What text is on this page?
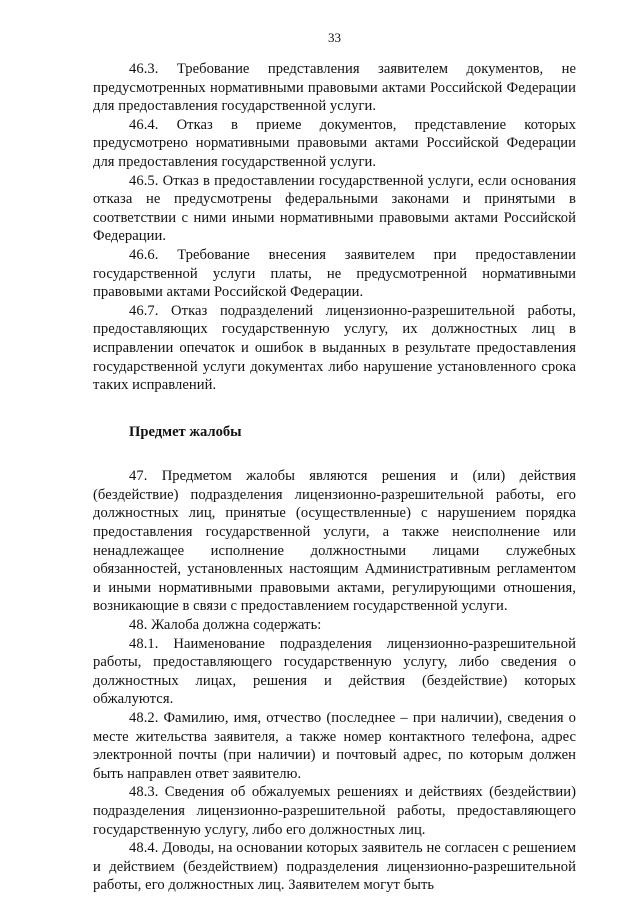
33

46.3. Требование представления заявителем документов, не предусмотренных нормативными правовыми актами Российской Федерации для предоставления государственной услуги.

46.4. Отказ в приеме документов, представление которых предусмотрено нормативными правовыми актами Российской Федерации для предоставления государственной услуги.

46.5. Отказ в предоставлении государственной услуги, если основания отказа не предусмотрены федеральными законами и принятыми в соответствии с ними иными нормативными правовыми актами Российской Федерации.

46.6. Требование внесения заявителем при предоставлении государственной услуги платы, не предусмотренной нормативными правовыми актами Российской Федерации.

46.7. Отказ подразделений лицензионно-разрешительной работы, предоставляющих государственную услугу, их должностных лиц в исправлении опечаток и ошибок в выданных в результате предоставления государственной услуги документах либо нарушение установленного срока таких исправлений.

Предмет жалобы

47. Предметом жалобы являются решения и (или) действия (бездействие) подразделения лицензионно-разрешительной работы, его должностных лиц, принятые (осуществленные) с нарушением порядка предоставления государственной услуги, а также неисполнение или ненадлежащее исполнение должностными лицами служебных обязанностей, установленных настоящим Административным регламентом и иными нормативными правовыми актами, регулирующими отношения, возникающие в связи с предоставлением государственной услуги.

48. Жалоба должна содержать:

48.1. Наименование подразделения лицензионно-разрешительной работы, предоставляющего государственную услугу, либо сведения о должностных лицах, решения и действия (бездействие) которых обжалуются.

48.2. Фамилию, имя, отчество (последнее – при наличии), сведения о месте жительства заявителя, а также номер контактного телефона, адрес электронной почты (при наличии) и почтовый адрес, по которым должен быть направлен ответ заявителю.

48.3. Сведения об обжалуемых решениях и действиях (бездействии) подразделения лицензионно-разрешительной работы, предоставляющего государственную услугу, либо его должностных лиц.

48.4. Доводы, на основании которых заявитель не согласен с решением и действием (бездействием) подразделения лицензионно-разрешительной работы, его должностных лиц. Заявителем могут быть
